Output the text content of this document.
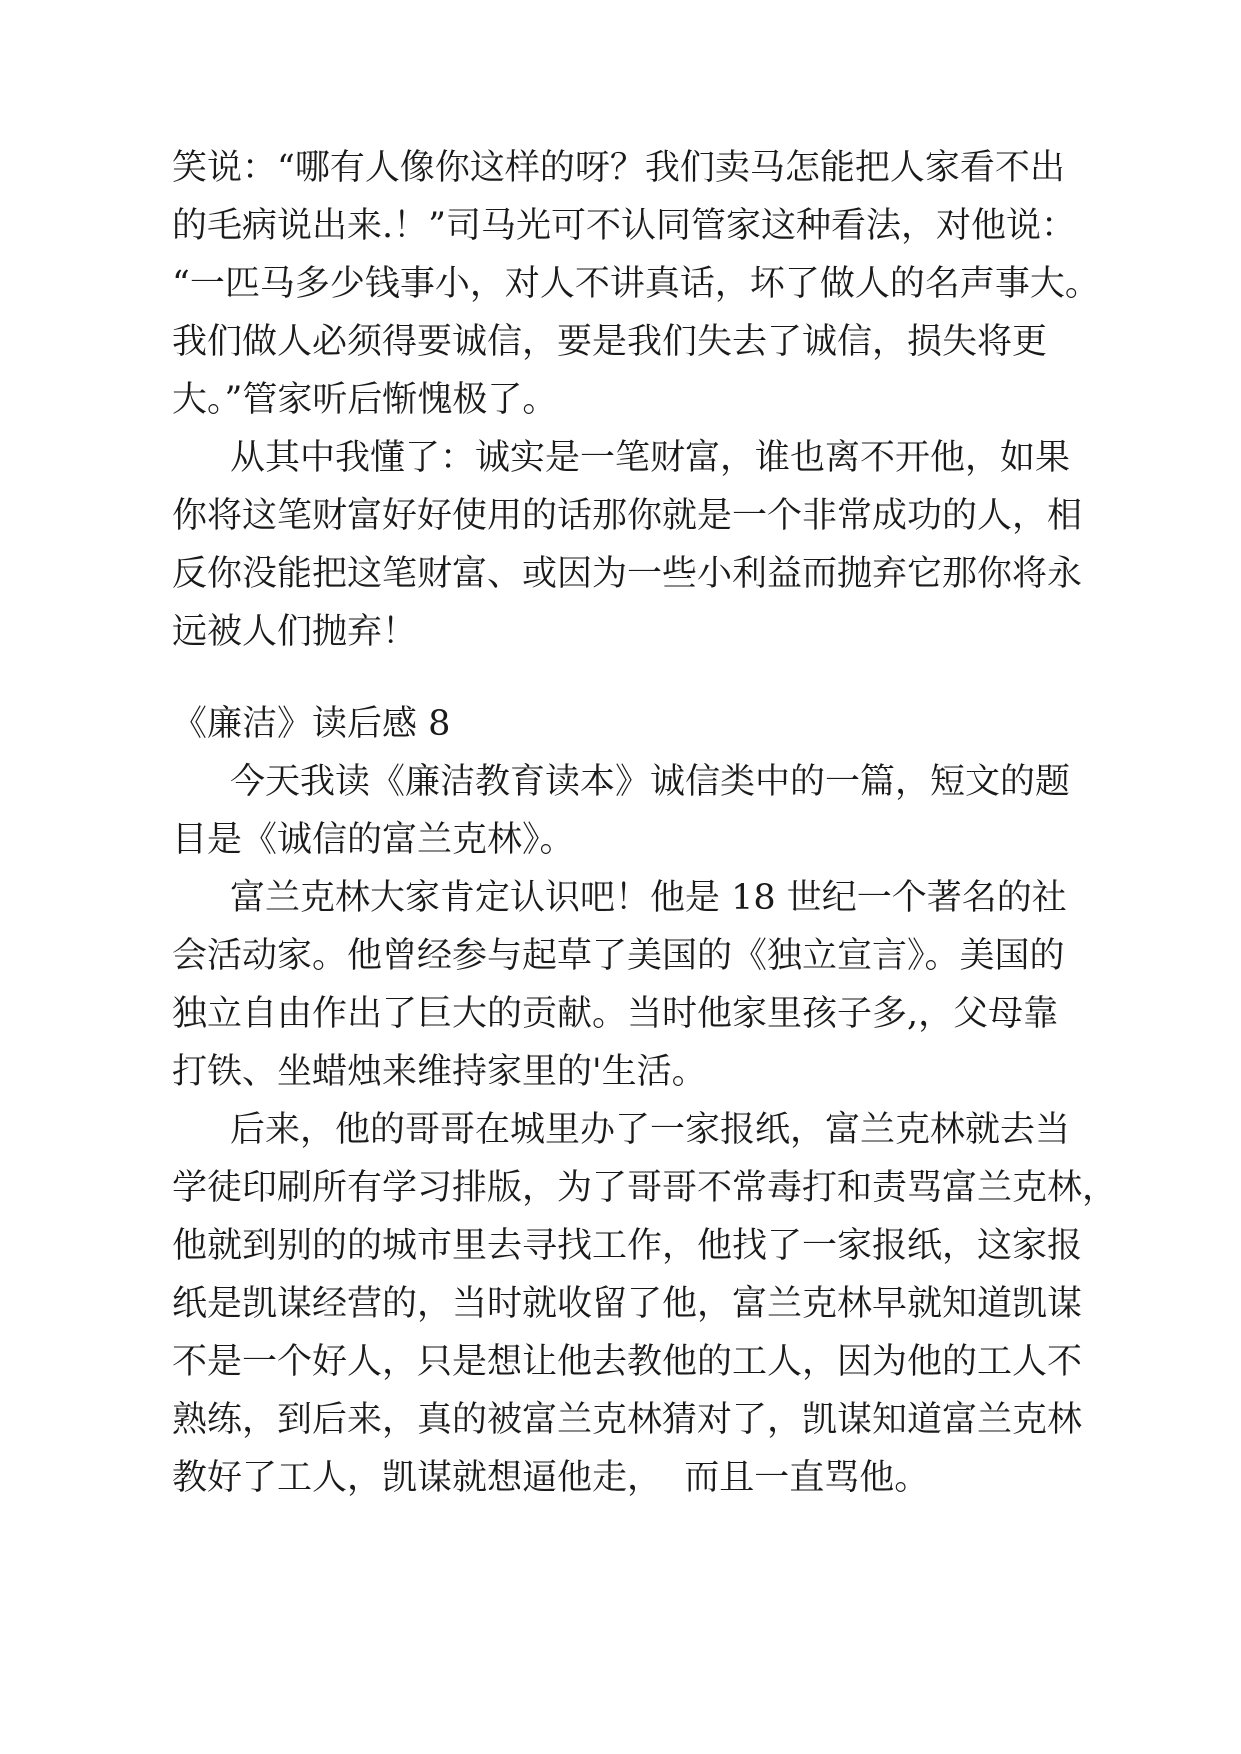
笑说：“哪有人像你这样的呀？我们卖马怎能把人家看不出
的毛病说出来.！”司马光可不认同管家这种看法，对他说：
“一匹马多少钱事小，对人不讲真话，坏了做人的名声事大。
我们做人必须得要诚信，要是我们失去了诚信，损失将更
大。”管家听后惭愧极了。
从其中我懂了：诚实是一笔财富，谁也离不开他，如果
你将这笔财富好好使用的话那你就是一个非常成功的人，相
反你没能把这笔财富、或因为一些小利益而抛弃它那你将永
远被人们抛弃！
《廉洁》读后感 8
今天我读《廉洁教育读本》诚信类中的一篇，短文的题
目是《诚信的富兰克林》。
富兰克林大家肯定认识吧！他是 18 世纪一个著名的社
会活动家。他曾经参与起草了美国的《独立宣言》。美国的
独立自由作出了巨大的贡献。当时他家里孩子多,，父母靠
打铁、坐蜡烛来维持家里的'生活。
后来，他的哥哥在城里办了一家报纸，富兰克林就去当
学徒印刷所有学习排版，为了哥哥不常毒打和责骂富兰克林，
他就到别的的城市里去寻找工作，他找了一家报纸，这家报
纸是凯谋经营的，当时就收留了他，富兰克林早就知道凯谋
不是一个好人，只是想让他去教他的工人，因为他的工人不
熟练，到后来，真的被富兰克林猜对了，凯谋知道富兰克林
教好了工人，凯谋就想逼他走，  而且一直骂他。
